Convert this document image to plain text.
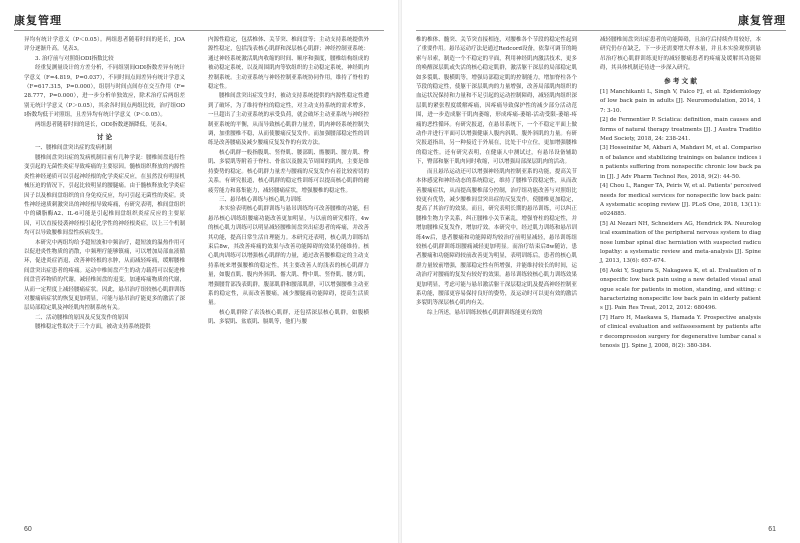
康复管理

异均有统计学意义（P＜0.05）。两组患者随着时间的延长，JOA评分逐渐升高。见表3。

3. 治疗前与对照组ODI指数比较

经重复测量设计的方差分析，不同组别间ODI指数差异有统计学意义（F=4.819，P=0.037），不同时间点间差异有统计学意义（F=617.315，P=0.000），组别与时间点间存在交互作用（F=28.777，P=0.000），进一步分析单独效应，除术治疗后两组差别无统计学意义（P＞0.05），其余各时间点两组比较，治疗组ODI指数均低于对照组，且差异均有统计学意义（P＜0.05）。

两组患者随着时间的延长，ODI指数逐渐降低，见表4。

讨 论

一、腰椎间盘突出症的发病机制

腰椎间盘突出症的发病机制目前有几种学说：腰椎间盘退行性变引起的无菌性炎症导致疼痛的主要原因。髓核组织释放的内源性炎性神经递质可以引起神经根的化学炎症反应，在虽然没有明显机械压迫的情况下，引起比较明显的腰腿痛。由于髓核释放化学炎症因子以及椎间盘组织的自身免疫反应，均可引起无菌性的炎症。炎性神经递质刺激突出的神经根导致疼痛，有研究表明，椎间盘组织中的磷脂酶A2、IL-6可能是引起椎间盘组织炎症反应的主要原因，可以直接侵袭神经根引起化学性的神经根炎症，以上三个机制均可以导致腰椎间盘性疾病发生。

本研究中两组均给予超短波和中频治疗，超短波的温热作用可以促进炎性物质的消散，中频理疗能够镇痛，可以增加局部血液循环，促进炎症消退，改善神经根的水肿，从而减轻疼痛，缓解腰椎间盘突出症患者的疼痛。运动中椎间盘产生的动力载荷可以促进椎间盘营养物质的代谢，减轻椎间盘的退变。加速疼痛物质的代谢，从而一定程度上减轻腰痛症状。因此，悬吊治疗组较核心肌群训练对腰痛病症状的恢复更加明显，可能与悬吊治疗能更多的激活了深层局部稳定肌及神经肌肉控制系统有关。

二、活动腰椎的原因及反复发作的原因

腰椎稳定性取决于三个方面，被动支持系统提供

内源性稳定，包括椎体、关节突、椎间盘等；主动支持系统提供外源性稳定，包括浅表核心肌群和深层核心肌群；神经控制亚系统：通过神经系统激活肌肉收缩的时间、顺序和强度，腰椎结构组成的被动稳定系统，以及周围肌肉等软组织的主动稳定系统，神经肌肉控制系统。主动亚系统与神经控制亚系统协同作用，维持了脊柱的稳定性。

腰椎间盘突出症发生时，被动支持系统提供的内源性稳定性遭到了破坏，为了维持脊柱的稳定性，对主动支持系统的需求增多，一旦超出了主动亚系统的承受负荷，就会破坏主动亚系统与神经控制亚系统的平衡，从而导致核心肌群力量差，肌肉神经系统控制失调，加重腰椎不稳，从而使腰痛反复发作。而加强腰部稳定性的训练是改善腰痛及减少腰痛反复发作的有效方法。

核心肌群一般指腹肌、竖脊肌、腰部肌、髂腰肌、腰方肌、臀肌、多裂肌等附着于脊柱、骨盆以及髋关节周围的肌肉，主要是维持姿势的稳定。核心肌群力量差与腰痛的反复发作有着比较密切的关系。有研究报道，核心肌群的稳定性训练可以提高核心肌群的耐疲劳能力和募集能力，减轻腰痛症状，增强腰椎的稳定性。

三、悬吊核心训练与核心肌力训练

本实验表明核心肌群训练与悬吊训练均可改善腰椎的功能，但悬吊核心训练组腰痛功能改善更加明显，与以前的研究相符，4w的核心肌力训练可以明显减轻腰椎间盘突出症患者的疼痛，并改善其功能，提高日常生活自理能力。本研究还表明，核心肌力训练结束后8w，其改善疼痛的效果与改善功能障碍的效果仍能维持。核心肌肉训练可以增强核心肌群的力量，通过改善腰椎稳定的主动支持系统来增强腰椎的稳定性，其主要改善人的浅表的核心肌群力量，如腹直肌、腹内外斜肌、髂大肌、臀中肌、竖脊肌、腰方肌，增强腰背部浅表肌群，腹部肌群和腰部肌群，可以增强腰椎主动亚系的稳定性，从而改善腰痛，减少腰腿痛功能障碍，提高生活质量。

核心肌群除了表浅核心肌群，还包括深层核心肌群，如腹横肌、多裂肌、盆底肌、膈肌等，他们与腰

60
康复管理

椎的椎体、髓突、关节突直接相连，对腰椎各个节段的稳定性起到了重要作用。悬吊运动疗法是通过Redcord设备，依靠可调节的绳索与吊索，制造一个不稳定的平面，利用神经肌肉激活技术，更多的唤醒深层肌或失活的核心稳定肌群，激活躯干深层的局部稳定肌如多裂肌、腹横肌等，增强局部稳定肌的控制能力，增加脊柱各个节段的稳定性，使躯干深层肌肉的力量增强，改善局部肌肉组织的血运状况保持和力量和不足引起的运动控制障碍，减轻肌肉组织深层肌的紧张程度缓解疼痛，因疼痛导致保护性的减少部分活动范围，进一步造成躯干肌肉萎缩，形成疼痛-萎缩-活动受限-萎缩-疼痛的恶性循环。有研究报道，在悬吊系统下，一个不稳定平面上做动作并进行平面可以增强健康人腹内斜肌、腹外斜肌的力量。有研究报道指出，另一种接近于外展在，比处于中立位，更加增强腰椎的稳定性。还有研究表明，在健康人中测试过，有悬吊设备辅助下，臀部和躯干肌肉同时收缩，可以增强局部深层肌肉的活动。

而且悬吊运动还可以增强神经肌肉控制亚系的功能，提高关节本体感觉和神经动态的系统稳定，维持了腰椎节段稳定性，从而改善腰痛症状，从而提高腰椎部分控制，治疗组功能改善与对照组比较更有优势，减少腰椎间盘突出症的反复发作，使腰椎更加稳定，提高了其治疗的效果。而且，研究表明长期的悬吊训练，可以纠正腰椎生物力学关系，纠正腰椎小关节紊乱，增强脊柱的稳定性，并增加腰椎反复发作，增加疗效。本研究中，经过肌力训练和悬吊训练4w后，患者腰痛和功能障碍均较治疗前明显减轻，悬吊训练组较核心肌群训练组腰痛减轻更加明显。而治疗结束后8w随访，患者腰痛和功能障碍较前改善更为明显，表明训练后，患者的核心肌群力量较前增强，腰部稳定性有所增强，并能维持较长的时间，运动治疗对腰痛的复发有较好的效果。悬吊训练较核心肌力训练效果更加明显，考虑可能与悬吊激活躯干深层稳定肌及提高神经控制亚系功能，腰部更容易保持良好的姿势，及运动时可以更有效的激活多裂肌等深层核心肌肉有关。

综上所述，悬吊训练较核心肌群训练能更有效的

减轻腰椎间盘突出症患者的功能障碍，且治疗后持续作用较好，本研究仍存在缺乏，下一步还需要增大样本量，并且本实验观察到悬吊治疗核心肌群训练更好的减轻腰痛患者的疼痛及缓解其功能障碍，其具体机制还待进一步深入研究。

参 考 文 献

[1] Manchikanti L, Singh V, Falco FJ, et al. Epidemiology of low back pain in adults [J]. Neuromodulation, 2014, 17: 3-10.

[2] de Fermentier P. Sciatica: definition, main causes and forms of natural therapy treatments [J]. J Austra Traditio Med Society, 2018, 24: 238-241.

[3] Hosseinifar M, Akbari A, Mahdavi M, et al. Comparison of balance and stabilizing trainings on balance indices in patients suffering from nonspecific chronic low back pain [J]. J Adv Pharm Technol Res, 2018, 9(2): 44-50.

[4] Chou L, Ranger TA, Peiris W, et al. Patients' perceived needs for medical services for nonspecific low back pain: A systematic scoping review [J]. PLoS One, 2018, 13(11): e024885.

[5] Al Nezari NH, Schneiders AG, Hendrick PA. Neurological examination of the peripheral nervous system to diagnose lumbar spinal disc herniation with suspected radiculopathy: a systematic review and meta-analysis [J]. Spine J, 2013, 13(6): 657-674.

[6] Aoki Y, Sugiura S, Nakagawa K, et al. Evaluation of nonspecific low back pain using a new detailed visual analogue scale for patients in motion, standing, and sitting: characterizing nonspecific low back pain in elderly patients [J]. Pain Res Treat, 2012, 2012: 680496.

[7] Haro H, Maekawa S, Hamada Y. Prospective analysis of clinical evaluation and selfassessment by patients after decompression surgery for degenerative lumbar canal stenosis [J]. Spine J, 2008, 8(2): 380-384.

61
